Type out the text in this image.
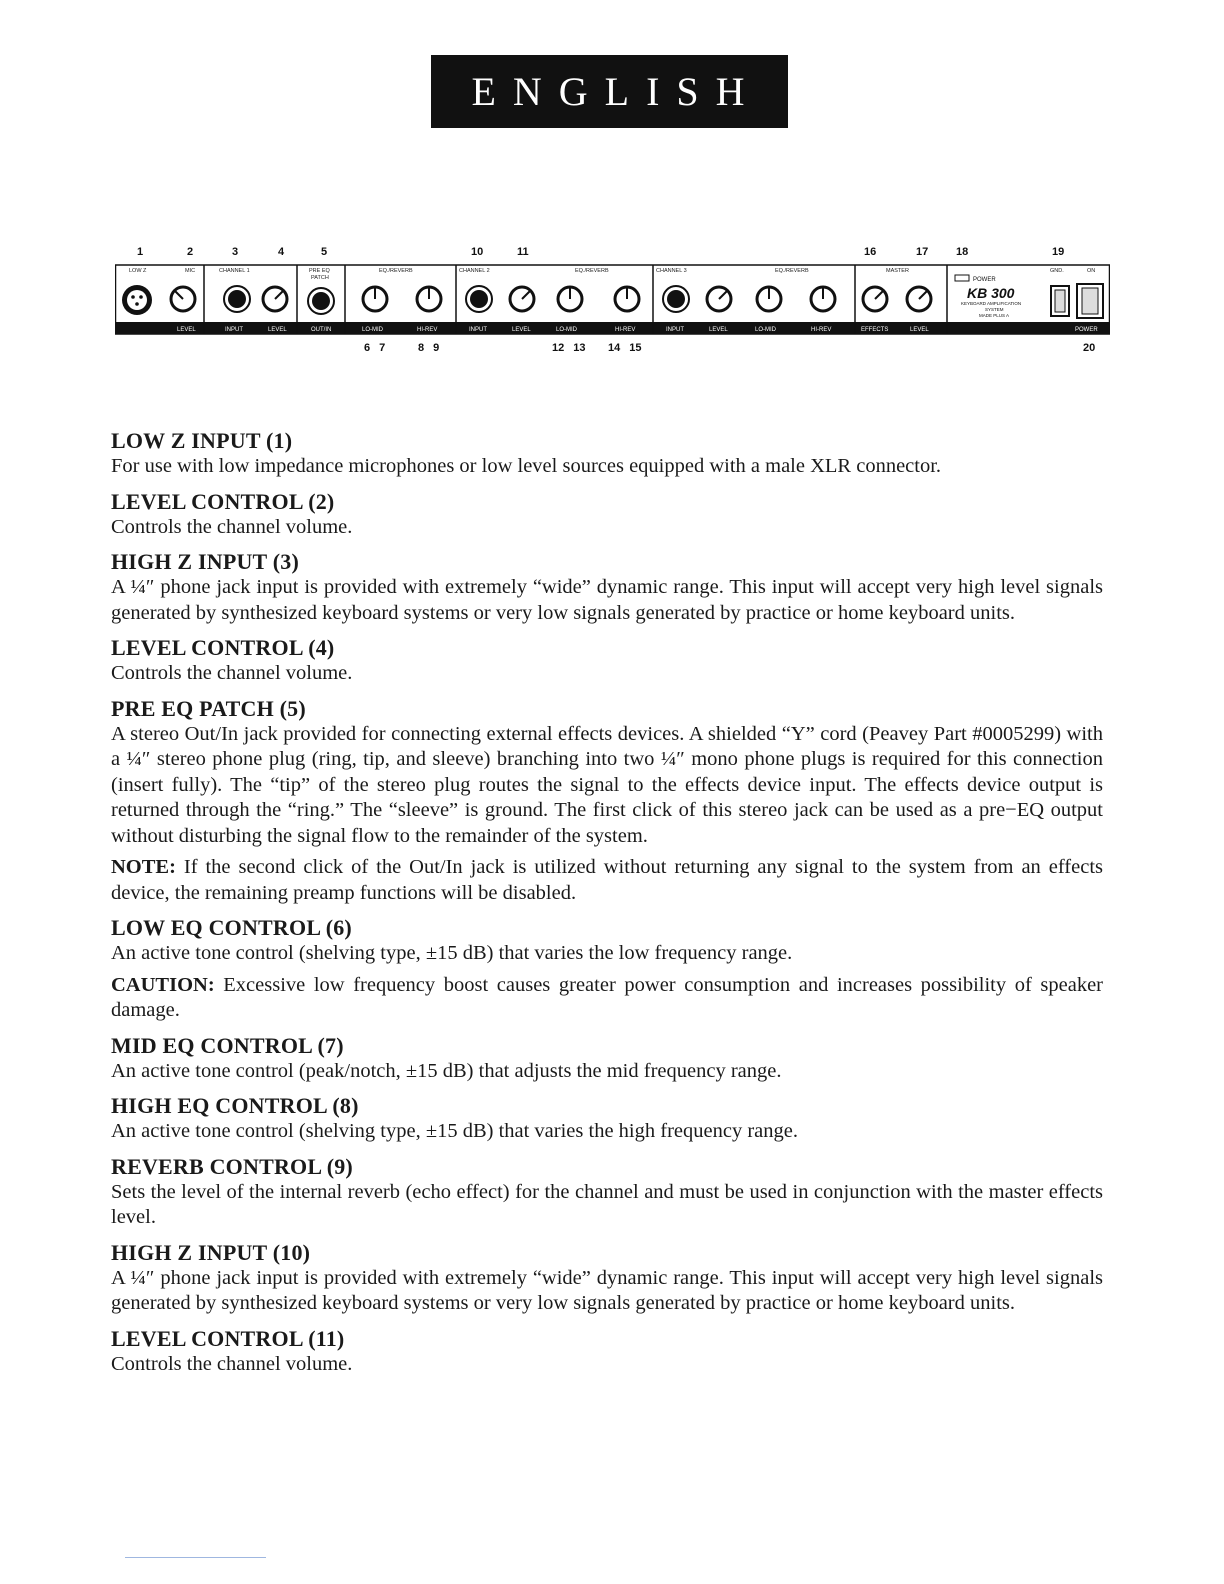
ENGLISH
1	2	3	4	5	10	11	16	17	18	19
LOW Z	MIC	CHANNEL 1	PRE EQ
PATCH
EQ./REVERB	CHANNEL 2	EQ./REVERB	CHANNEL 3	EQ./REVERB	MASTER	GND.	ON
POWER
KB 300
KEYBOARD AMPLIFICATION
SYSTEM
MADE PLUS A
LEVEL	INPUT	LEVEL	OUT/IN	LO-MID	HI-REV	INPUT	LEVEL	LO-MID	HI-REV	INPUT	LEVEL	LO-MID	HI-REV	EFFECTS	LEVEL	POWER
6 7	8 9	12 13 14 15	20
LOW Z INPUT (1)

For use with low impedance microphones or low level sources equipped with a male XLR connector.

LEVEL CONTROL (2)

Controls the channel volume.

HIGH Z INPUT (3)

A ¼″ phone jack input is provided with extremely “wide” dynamic range. This input will accept very high level signals generated by synthesized keyboard systems or very low signals generated by practice or home keyboard units.

LEVEL CONTROL (4)

Controls the channel volume.

PRE EQ PATCH (5)

A stereo Out/In jack provided for connecting external effects devices. A shielded “Y” cord (Peavey Part #0005299) with a ¼″ stereo phone plug (ring, tip, and sleeve) branching into two ¼″ mono phone plugs is required for this connection (insert fully). The “tip” of the stereo plug routes the signal to the effects device input. The effects device output is returned through the “ring.” The “sleeve” is ground. The first click of this stereo jack can be used as a pre−EQ output without disturbing the signal flow to the remainder of the system.

NOTE: If the second click of the Out/In jack is utilized without returning any signal to the system from an effects device, the remaining preamp functions will be disabled.

LOW EQ CONTROL (6)

An active tone control (shelving type, ±15 dB) that varies the low frequency range.

CAUTION: Excessive low frequency boost causes greater power consumption and increases possibility of speaker damage.

MID EQ CONTROL (7)

An active tone control (peak/notch, ±15 dB) that adjusts the mid frequency range.

HIGH EQ CONTROL (8)

An active tone control (shelving type, ±15 dB) that varies the high frequency range.

REVERB CONTROL (9)

Sets the level of the internal reverb (echo effect) for the channel and must be used in conjunction with the master effects level.

HIGH Z INPUT (10)

A ¼″ phone jack input is provided with extremely “wide” dynamic range. This input will accept very high level signals generated by synthesized keyboard systems or very low signals generated by practice or home keyboard units.

LEVEL CONTROL (11)

Controls the channel volume.
